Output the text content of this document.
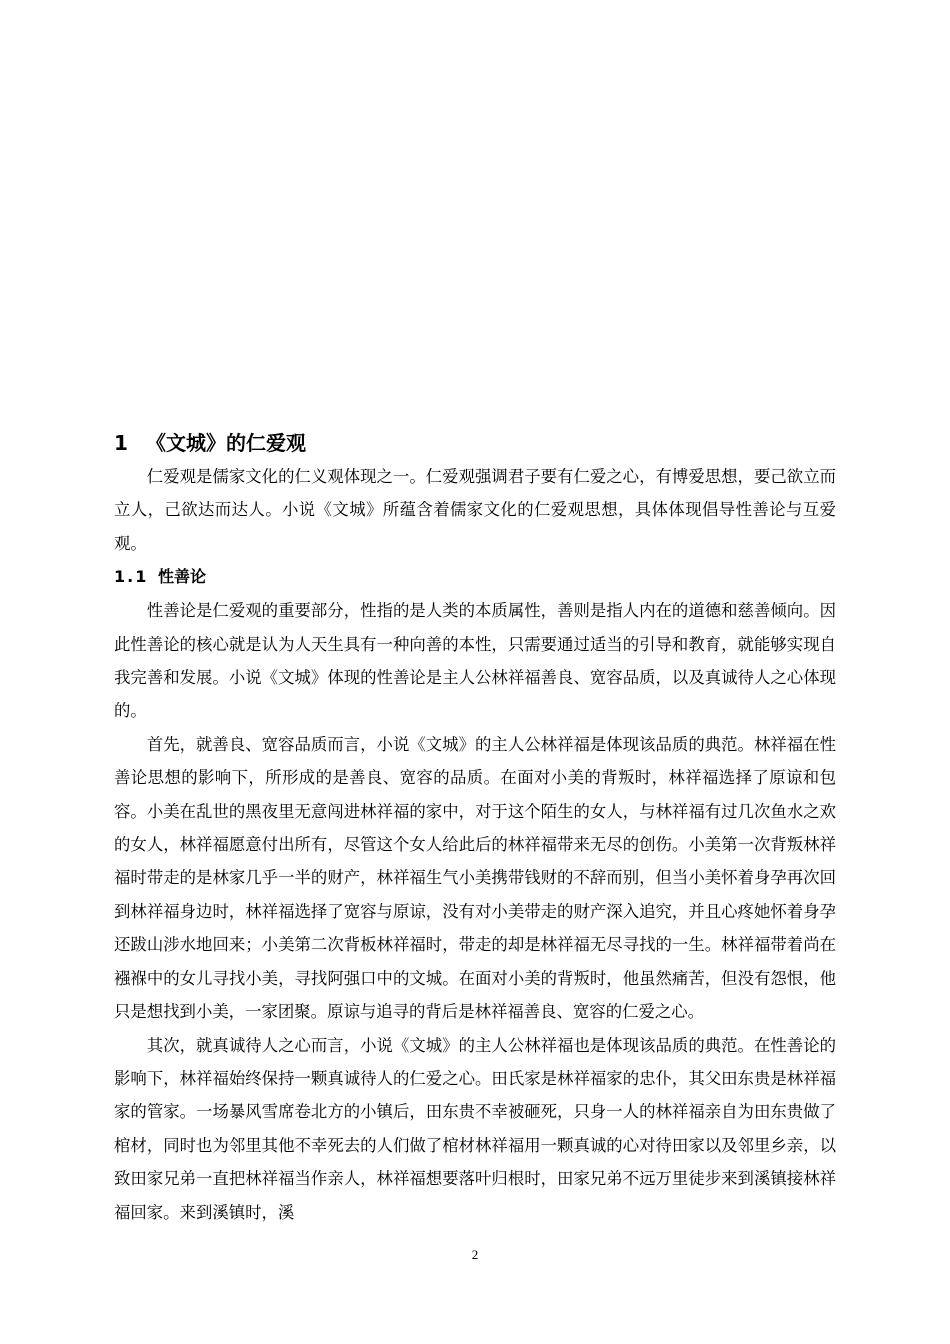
1 《文城》的仁爱观

仁爱观是儒家文化的仁义观体现之一。仁爱观强调君子要有仁爱之心，有博爱思想，要己欲立而立人，己欲达而达人。小说《文城》所蕴含着儒家文化的仁爱观思想，具体体现倡导性善论与互爱观。

1.1 性善论

性善论是仁爱观的重要部分，性指的是人类的本质属性，善则是指人内在的道德和慈善倾向。因此性善论的核心就是认为人天生具有一种向善的本性，只需要通过适当的引导和教育，就能够实现自我完善和发展。小说《文城》体现的性善论是主人公林祥福善良、宽容品质，以及真诚待人之心体现的。

首先，就善良、宽容品质而言，小说《文城》的主人公林祥福是体现该品质的典范。林祥福在性善论思想的影响下，所形成的是善良、宽容的品质。在面对小美的背叛时，林祥福选择了原谅和包容。小美在乱世的黑夜里无意闯进林祥福的家中，对于这个陌生的女人，与林祥福有过几次鱼水之欢的女人，林祥福愿意付出所有，尽管这个女人给此后的林祥福带来无尽的创伤。小美第一次背叛林祥福时带走的是林家几乎一半的财产，林祥福生气小美携带钱财的不辞而别，但当小美怀着身孕再次回到林祥福身边时，林祥福选择了宽容与原谅，没有对小美带走的财产深入追究，并且心疼她怀着身孕还跋山涉水地回来；小美第二次背板林祥福时，带走的却是林祥福无尽寻找的一生。林祥福带着尚在襁褓中的女儿寻找小美，寻找阿强口中的文城。在面对小美的背叛时，他虽然痛苦，但没有怨恨，他只是想找到小美，一家团聚。原谅与追寻的背后是林祥福善良、宽容的仁爱之心。

其次，就真诚待人之心而言，小说《文城》的主人公林祥福也是体现该品质的典范。在性善论的影响下，林祥福始终保持一颗真诚待人的仁爱之心。田氏家是林祥福家的忠仆，其父田东贵是林祥福家的管家。一场暴风雪席卷北方的小镇后，田东贵不幸被砸死，只身一人的林祥福亲自为田东贵做了棺材，同时也为邻里其他不幸死去的人们做了棺材林祥福用一颗真诚的心对待田家以及邻里乡亲，以致田家兄弟一直把林祥福当作亲人，林祥福想要落叶归根时，田家兄弟不远万里徒步来到溪镇接林祥福回家。来到溪镇时，溪

2
